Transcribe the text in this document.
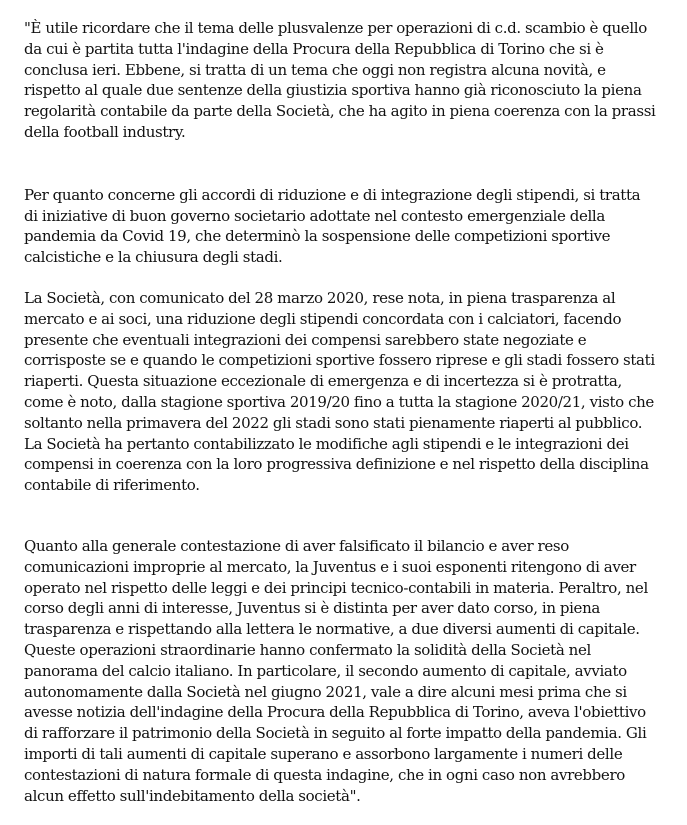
"È utile ricordare che il tema delle plusvalenze per operazioni di c.d. scambio è quello
da cui è partita tutta l'indagine della Procura della Repubblica di Torino che si è
conclusa ieri. Ebbene, si tratta di un tema che oggi non registra alcuna novità, e
rispetto al quale due sentenze della giustizia sportiva hanno già riconosciuto la piena
regolarità contabile da parte della Società, che ha agito in piena coerenza con la prassi
della football industry.

Per quanto concerne gli accordi di riduzione e di integrazione degli stipendi, si tratta
di iniziative di buon governo societario adottate nel contesto emergenziale della
pandemia da Covid 19, che determinò la sospensione delle competizioni sportive
calcistiche e la chiusura degli stadi.

La Società, con comunicato del 28 marzo 2020, rese nota, in piena trasparenza al
mercato e ai soci, una riduzione degli stipendi concordata con i calciatori, facendo
presente che eventuali integrazioni dei compensi sarebbero state negoziate e
corrisposte se e quando le competizioni sportive fossero riprese e gli stadi fossero stati
riaperti. Questa situazione eccezionale di emergenza e di incertezza si è protratta,
come è noto, dalla stagione sportiva 2019/20 fino a tutta la stagione 2020/21, visto che
soltanto nella primavera del 2022 gli stadi sono stati pienamente riaperti al pubblico.
La Società ha pertanto contabilizzato le modifiche agli stipendi e le integrazioni dei
compensi in coerenza con la loro progressiva definizione e nel rispetto della disciplina
contabile di riferimento.

Quanto alla generale contestazione di aver falsificato il bilancio e aver reso
comunicazioni improprie al mercato, la Juventus e i suoi esponenti ritengono di aver
operato nel rispetto delle leggi e dei principi tecnico-contabili in materia. Peraltro, nel
corso degli anni di interesse, Juventus si è distinta per aver dato corso, in piena
trasparenza e rispettando alla lettera le normative, a due diversi aumenti di capitale.
Queste operazioni straordinarie hanno confermato la solidità della Società nel
panorama del calcio italiano. In particolare, il secondo aumento di capitale, avviato
autonomamente dalla Società nel giugno 2021, vale a dire alcuni mesi prima che si
avesse notizia dell'indagine della Procura della Repubblica di Torino, aveva l'obiettivo
di rafforzare il patrimonio della Società in seguito al forte impatto della pandemia. Gli
importi di tali aumenti di capitale superano e assorbono largamente i numeri delle
contestazioni di natura formale di questa indagine, che in ogni caso non avrebbero
alcun effetto sull'indebitamento della società".
